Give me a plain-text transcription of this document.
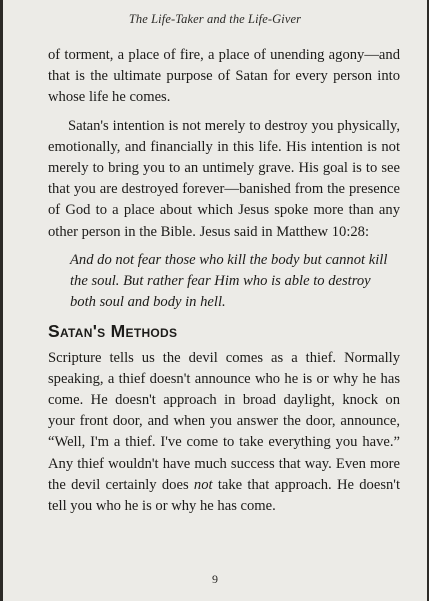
The Life-Taker and the Life-Giver

of torment, a place of fire, a place of unending agony—and that is the ultimate purpose of Satan for every person into whose life he comes.

Satan's intention is not merely to destroy you physically, emotionally, and financially in this life. His intention is not merely to bring you to an untimely grave. His goal is to see that you are destroyed forever—banished from the presence of God to a place about which Jesus spoke more than any other person in the Bible. Jesus said in Matthew 10:28:

And do not fear those who kill the body but cannot kill the soul. But rather fear Him who is able to destroy both soul and body in hell.
Satan's Methods

Scripture tells us the devil comes as a thief. Normally speaking, a thief doesn't announce who he is or why he has come. He doesn't approach in broad daylight, knock on your front door, and when you answer the door, announce, “Well, I'm a thief. I've come to take everything you have.” Any thief wouldn't have much success that way. Even more the devil certainly does not take that approach. He doesn't tell you who he is or why he has come.

9
